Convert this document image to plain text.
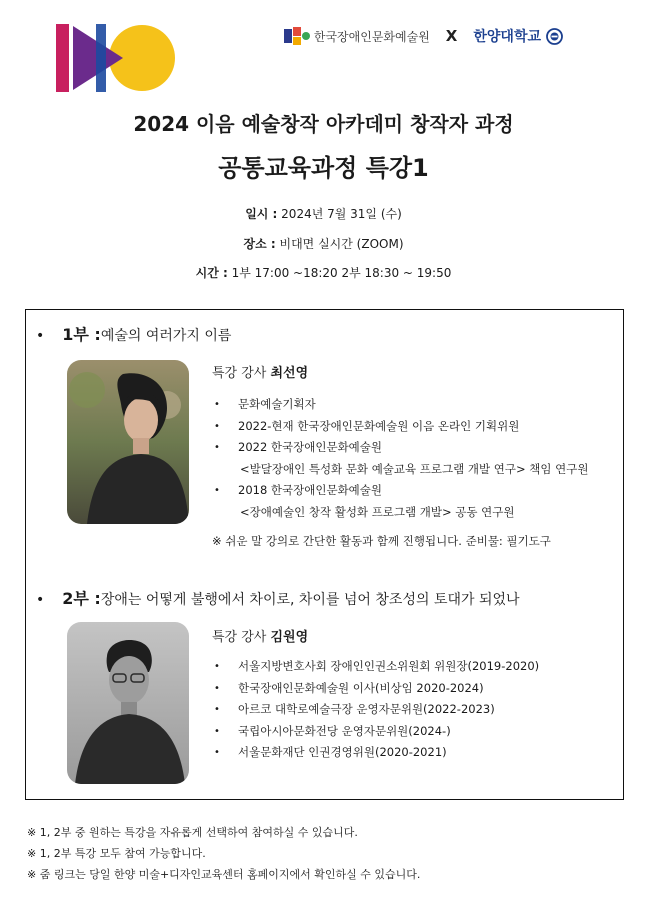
한국장애인문화예술원 X 한양대학교
2024 이음 예술창작 아카데미 창작자 과정
공통교육과정 특강1
일시 : 2024년 7월 31일 (수)
장소 : 비대면 실시간 (ZOOM)
시간 : 1부 17:00 ~18:20 2부 18:30 ~ 19:50
• 1부 : 예술의 여러가지 이름
특강 강사 최선영
• 문화예술기획자
• 2022-현재 한국장애인문화예술원 이음 온라인 기획위원
• 2022 한국장애인문화예술원
<발달장애인 특성화 문화 예술교육 프로그램 개발 연구> 책임 연구원
• 2018 한국장애인문화예술원
<장애예술인 창작 활성화 프로그램 개발> 공동 연구원
※ 쉬운 말 강의로 간단한 활동과 함께 진행됩니다. 준비물: 필기도구
• 2부 : 장애는 어떻게 불행에서 차이로, 차이를 넘어 창조성의 토대가 되었나
특강 강사 김원영
• 서울지방변호사회 장애인인권소위원회 위원장(2019-2020)
• 한국장애인문화예술원 이사(비상임 2020-2024)
• 아르코 대학로예술극장 운영자문위원(2022-2023)
• 국립아시아문화전당 운영자문위원(2024-)
• 서울문화재단 인권경영위원(2020-2021)
※ 1, 2부 중 원하는 특강을 자유롭게 선택하여 참여하실 수 있습니다.
※ 1, 2부 특강 모두 참여 가능합니다.
※ 줌 링크는 당일 한양 미술+디자인교육센터 홈페이지에서 확인하실 수 있습니다.
